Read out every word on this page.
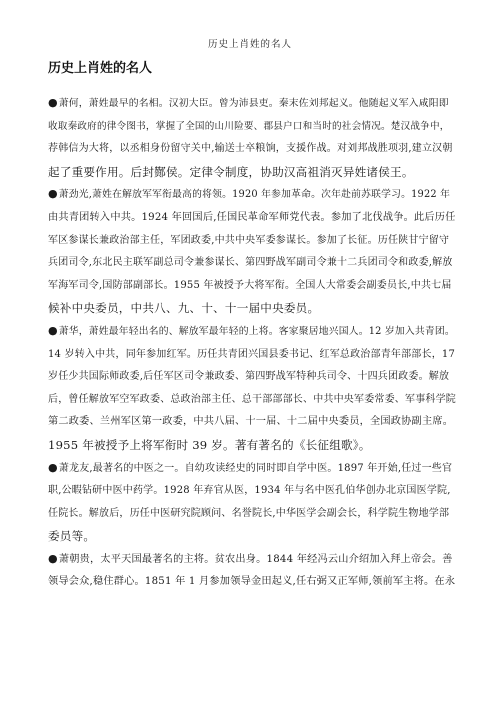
历史上肖姓的名人
历史上肖姓的名人
●萧何，萧姓最早的名相。汉初大臣。曾为沛县吏。秦末佐刘邦起义。他随起义军入咸阳即
收取秦政府的律令图书，掌握了全国的山川险要、郡县户口和当时的社会情况。楚汉战争中，
荐韩信为大将，以丞相身份留守关中,输送士卒粮饷，支援作战。对刘邦战胜项羽,建立汉朝
起了重要作用。后封酂侯。定律令制度，协助汉高祖消灭异姓诸侯王。
●萧劲光,萧姓在解放军军衔最高的将领。1920 年参加革命。次年赴前苏联学习。1922 年
由共青团转入中共。1924 年回国后,任国民革命军师党代表。参加了北伐战争。此后历任
军区参谋长兼政治部主任，军团政委,中共中央军委参谋长。参加了长征。历任陕甘宁留守
兵团司令,东北民主联军副总司令兼参谋长、第四野战军副司令兼十二兵团司令和政委,解放
军海军司令,国防部副部长。1955 年被授予大将军衔。全国人大常委会副委员长,中共七届
候补中央委员，中共八、九、十、十一届中央委员。
●萧华，萧姓最年轻出名的、解放军最年轻的上将。客家聚居地兴国人。12 岁加入共青团。
14 岁转入中共，同年参加红军。历任共青团兴国县委书记、红军总政治部青年部部长，17
岁任少共国际师政委,后任军区司令兼政委、第四野战军特种兵司令、十四兵团政委。解放
后，曾任解放军空军政委、总政治部主任、总干部部部长、中共中央军委常委、军事科学院
第二政委、兰州军区第一政委，中共八届、十一届、十二届中央委员，全国政协副主席。
1955 年被授予上将军衔时 39 岁。著有著名的《长征组歌》。
●萧龙友,最著名的中医之一。自幼攻读经史的同时即自学中医。1897 年开始,任过一些官
职,公暇钻研中医中药学。1928 年弃官从医，1934 年与名中医孔伯华创办北京国医学院,
任院长。解放后，历任中医研究院顾问、名誉院长,中华医学会副会长，科学院生物地学部
委员等。
●萧朝贵，太平天国最著名的主将。贫农出身。1844 年经冯云山介绍加入拜上帝会。善
领导会众,稳住群心。1851 年 1 月参加领导金田起义,任右弼又正军师,领前军主将。在永
